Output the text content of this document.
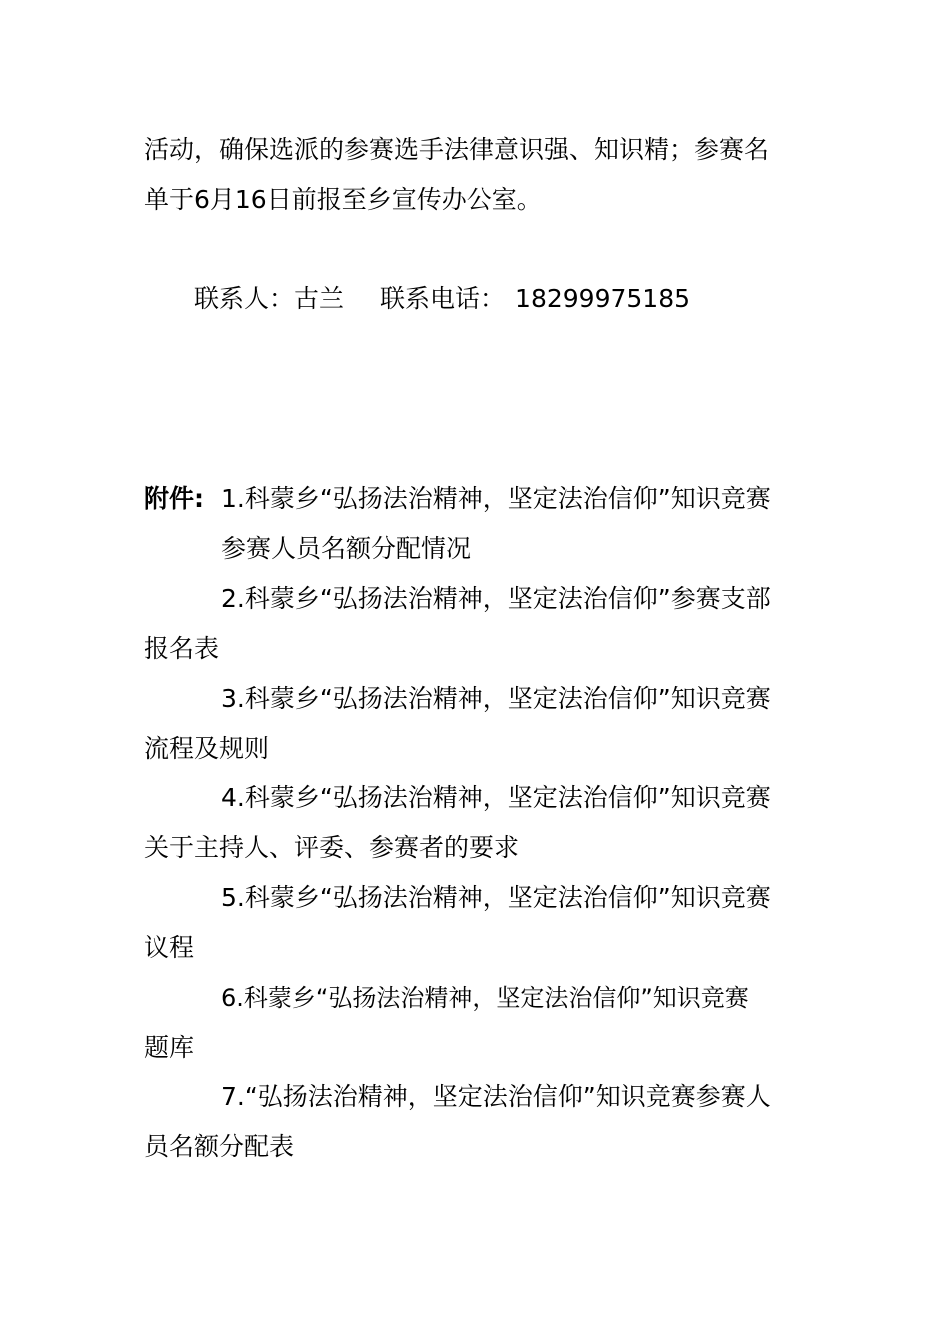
活动，确保选派的参赛选手法律意识强、知识精；参赛名
单于6月16日前报至乡宣传办公室。
联系人：古兰 联系电话： 18299975185
附件: 1.科蒙乡“弘扬法治精神，坚定法治信仰”知识竞赛
参赛人员名额分配情况
2.科蒙乡“弘扬法治精神，坚定法治信仰”参赛支部
报名表
3.科蒙乡“弘扬法治精神，坚定法治信仰”知识竞赛
流程及规则
4.科蒙乡“弘扬法治精神，坚定法治信仰”知识竞赛
关于主持人、评委、参赛者的要求
5.科蒙乡“弘扬法治精神，坚定法治信仰”知识竞赛
议程
6.科蒙乡“弘扬法治精神，坚定法治信仰”知识竞赛
题库
7.“弘扬法治精神，坚定法治信仰”知识竞赛参赛人
员名额分配表
